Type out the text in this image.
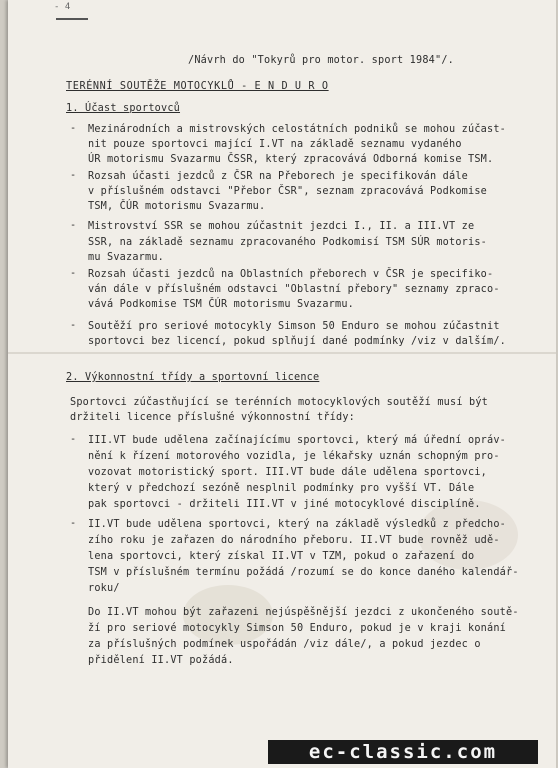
- 4
/Návrh do "Tokyrů pro motor. sport 1984"/.
TERÉNNÍ SOUTĚŽE MOTOCYKLŮ - E N D U R O
1. Účast sportovců
- Mezinárodních a mistrovských celostátních podniků se mohou zúčast-
nit pouze sportovci mající I.VT na základě seznamu vydaného
ÚR motorismu Svazarmu ČSSR, který zpracovává Odborná komise TSM.
- Rozsah účasti jezdců z ČSR na Přeborech je specifikován dále
v příslušném odstavci "Přebor ČSR", seznam zpracovává Podkomise
TSM, ČÚR motorismu Svazarmu.
- Mistrovství SSR se mohou zúčastnit jezdci I., II. a III.VT ze
SSR, na základě seznamu zpracovaného Podkomisí TSM SÚR motoris-
mu Svazarmu.
- Rozsah účasti jezdců na Oblastních přeborech v ČSR je specifiko-
ván dále v příslušném odstavci "Oblastní přebory" seznamy zpraco-
vává Podkomise TSM ČÚR motorismu Svazarmu.
- Soutěží pro seriové motocykly Simson 50 Enduro se mohou zúčastnit
sportovci bez licencí, pokud splňují dané podmínky /viz v dalším/.
2. Výkonnostní třídy a sportovní licence
Sportovci zúčastňující se terénních motocyklových soutěží musí být
držiteli licence příslušné výkonnostní třídy:
- III.VT bude udělena začínajícímu sportovci, který má úřední opráv-
nění k řízení motorového vozidla, je lékařsky uznán schopným pro-
vozovat motoristický sport. III.VT bude dále udělena sportovci,
který v předchozí sezóně nesplnil podmínky pro vyšší VT. Dále
pak sportovci - držiteli III.VT v jiné motocyklové disciplíně.
- II.VT bude udělena sportovci, který na základě výsledků z předcho-
zího roku je zařazen do národního přeboru. II.VT bude rovněž udě-
lena sportovci, který získal II.VT v TZM, pokud o zařazení do
TSM v příslušném termínu požádá /rozumí se do konce daného kalendář-
roku/
Do II.VT mohou být zařazeni nejúspěšnější jezdci z ukončeného soutě-
ží pro seriové motocykly Simson 50 Enduro, pokud je v kraji konání
za příslušných podmínek uspořádán /viz dále/, a pokud jezdec o
přidělení II.VT požádá.
ec-classic.com
